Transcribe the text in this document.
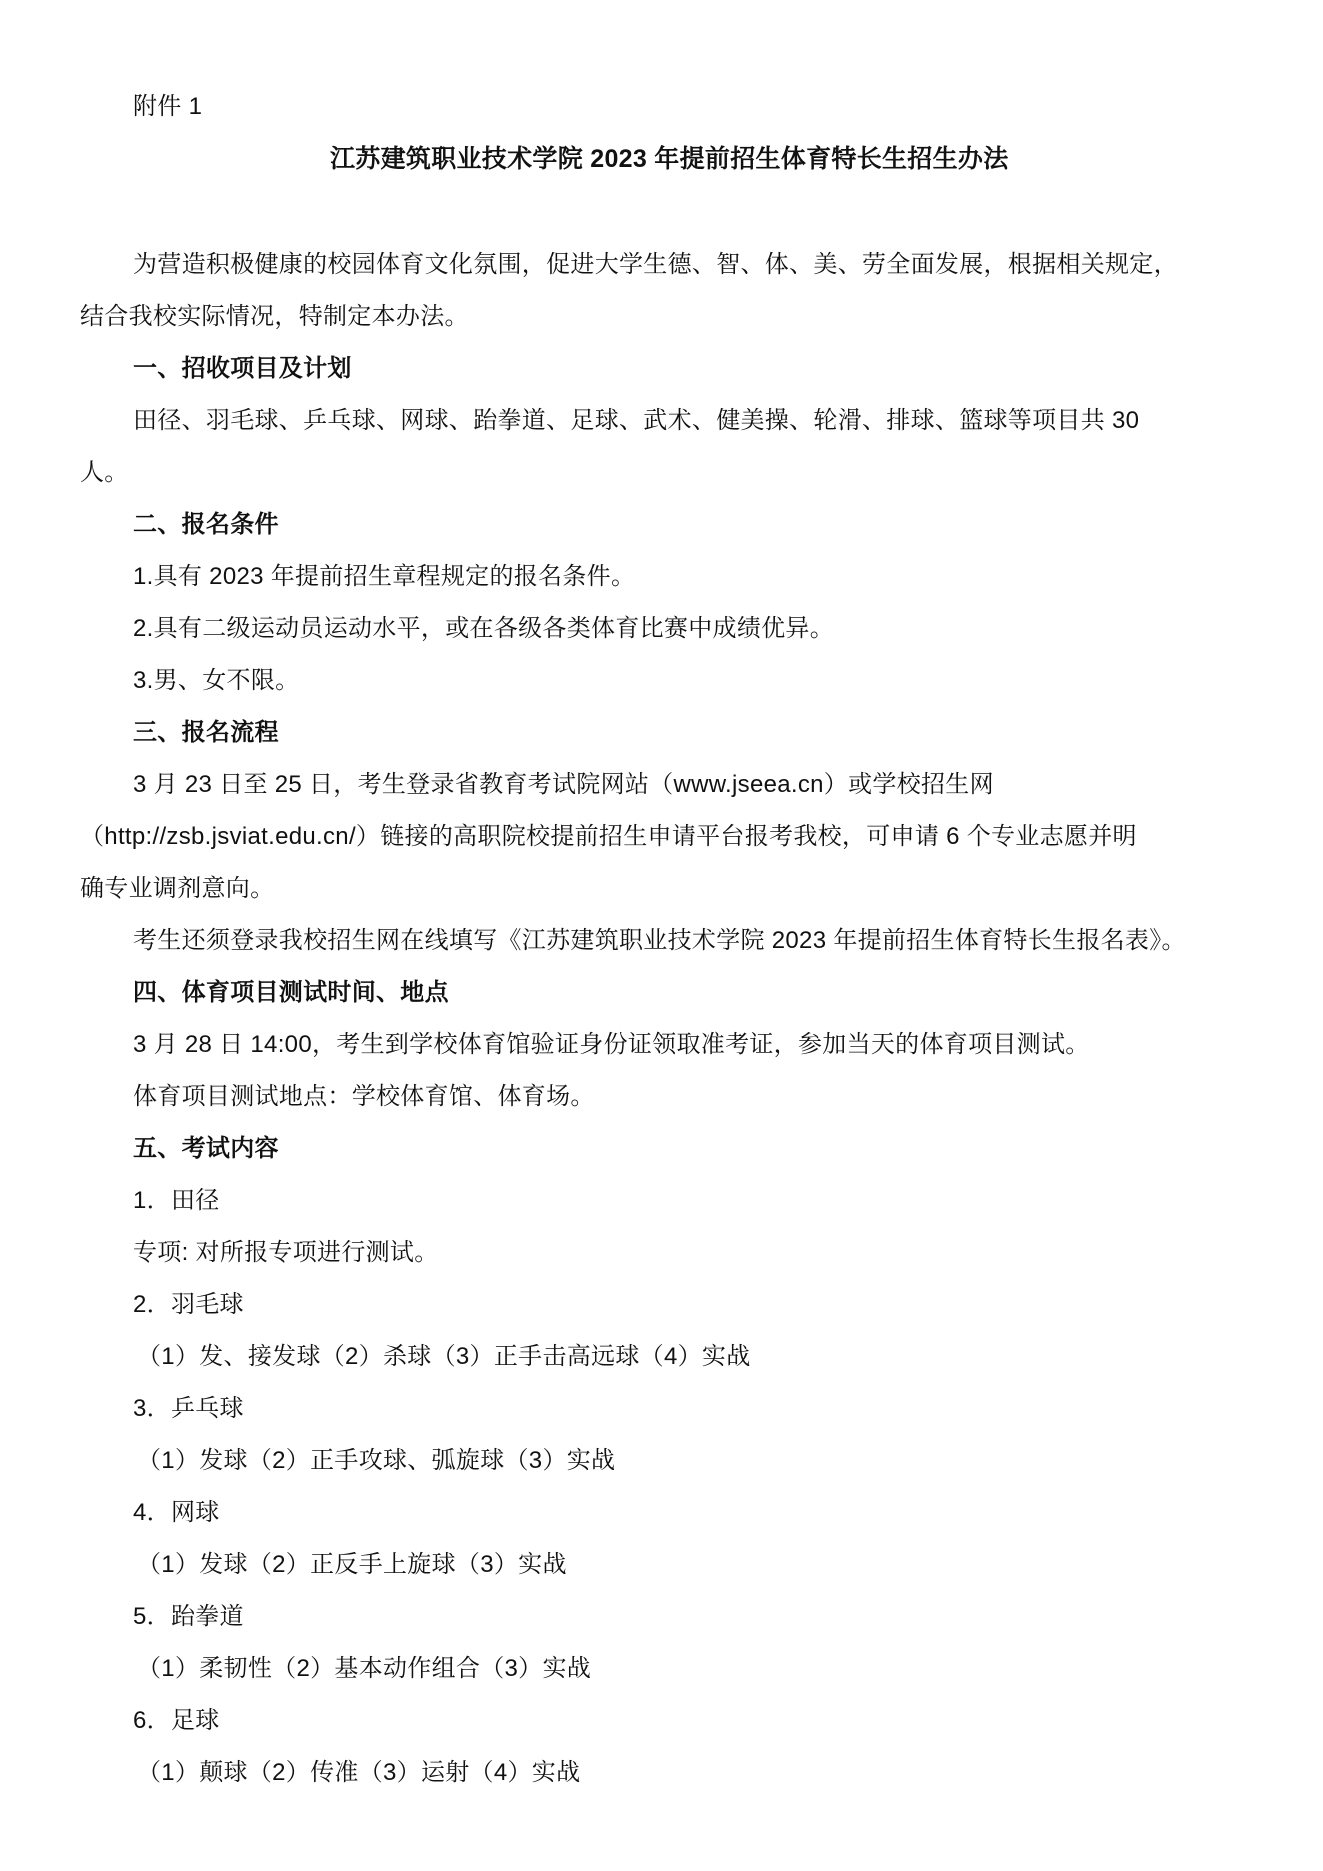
附件 1
江苏建筑职业技术学院 2023 年提前招生体育特长生招生办法
为营造积极健康的校园体育文化氛围，促进大学生德、智、体、美、劳全面发展，根据相关规定，
结合我校实际情况，特制定本办法。
一、招收项目及计划
田径、羽毛球、乒乓球、网球、跆拳道、足球、武术、健美操、轮滑、排球、篮球等项目共 30
人。
二、报名条件
1.具有 2023 年提前招生章程规定的报名条件。
2.具有二级运动员运动水平，或在各级各类体育比赛中成绩优异。
3.男、女不限。
三、报名流程
3 月 23 日至 25 日，考生登录省教育考试院网站（www.jseea.cn）或学校招生网
（http://zsb.jsviat.edu.cn/）链接的高职院校提前招生申请平台报考我校，可申请 6 个专业志愿并明
确专业调剂意向。
考生还须登录我校招生网在线填写《江苏建筑职业技术学院 2023 年提前招生体育特长生报名表》。
四、体育项目测试时间、地点
3 月 28 日 14:00，考生到学校体育馆验证身份证领取准考证，参加当天的体育项目测试。
体育项目测试地点：学校体育馆、体育场。
五、考试内容
1．田径
专项: 对所报专项进行测试。
2．羽毛球
（1）发、接发球（2）杀球（3）正手击高远球（4）实战
3．乒乓球
（1）发球（2）正手攻球、弧旋球（3）实战
4．网球
（1）发球（2）正反手上旋球（3）实战
5．跆拳道
（1）柔韧性（2）基本动作组合（3）实战
6．足球
（1）颠球（2）传准（3）运射（4）实战
